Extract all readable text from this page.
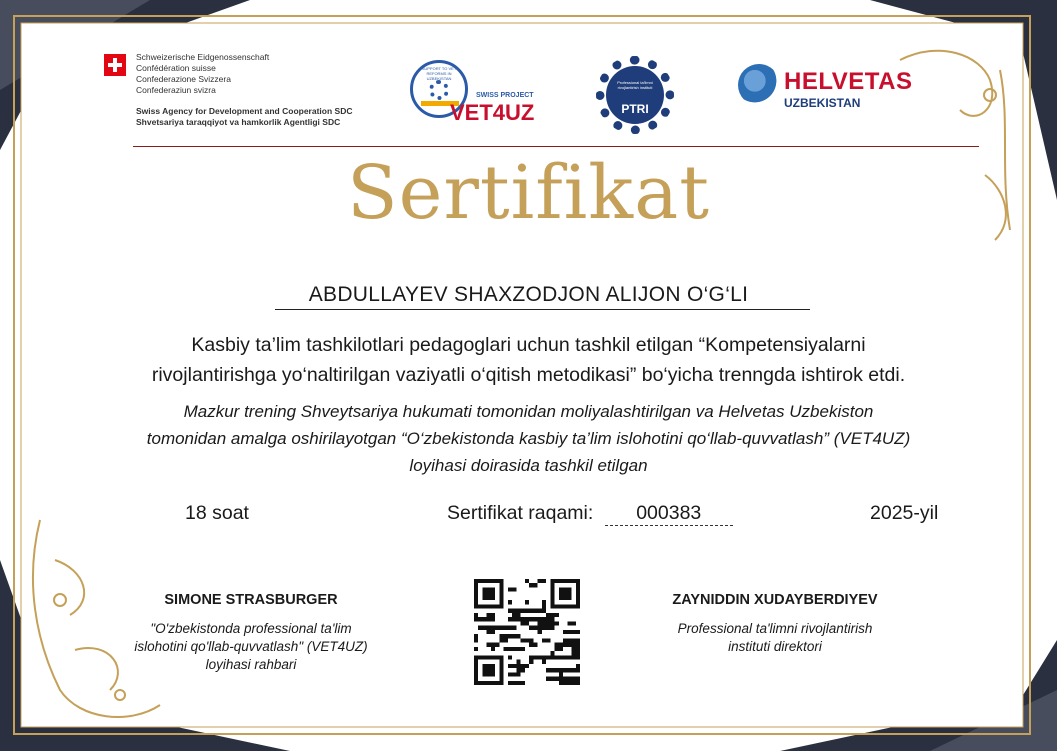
Schweizerische Eidgenossenschaft
Confédération suisse
Confederazione Svizzera
Confederaziun svizra
Swiss Agency for Development and Cooperation SDC
Shvetsariya taraqqiyot va hamkorlik Agentligi SDC
SUPPORT TO VET REFORMS IN UZBEKISTAN
SWISS PROJECT
VET4UZ
Professional ta'limni rivojlantirish instituti
PTRI
HELVETAS
UZBEKISTAN
Sertifikat
ABDULLAYEV SHAXZODJON ALIJON O‘G‘LI
Kasbiy ta’lim tashkilotlari pedagoglari uchun tashkil etilgan “Kompetensiyalarni
rivojlantirishga yo‘naltirilgan vaziyatli o‘qitish metodikasi” bo‘yicha trenngda ishtirok etdi.
Mazkur trening Shveytsariya hukumati tomonidan moliyalashtirilgan va Helvetas Uzbekiston
tomonidan amalga oshirilayotgan “O‘zbekistonda kasbiy ta’lim islohotini qo‘llab-quvvatlash” (VET4UZ)
loyihasi doirasida tashkil etilgan
18 soat	Sertifikat raqami: 000383	2025-yil
SIMONE STRASBURGER
"O'zbekistonda professional ta'lim
islohotini qo'llab-quvvatlash" (VET4UZ)
loyihasi rahbari
ZAYNIDDIN XUDAYBERDIYEV
Professional ta'limni rivojlantirish
instituti direktori
